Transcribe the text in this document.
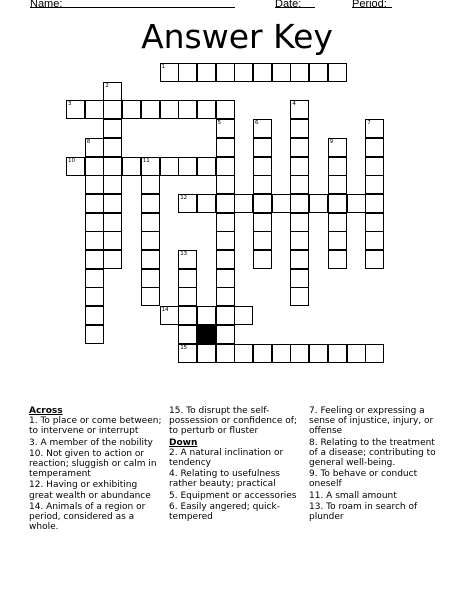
Name:	Date:	Period:
Answer Key
1
2
3	4
5	6	7
8	9
10	11
12
13
14
15
Across
1. To place or come between; to intervene or interrupt
3. A member of the nobility
10. Not given to action or reaction; sluggish or calm in temperament
12. Having or exhibiting great wealth or abundance
14. Animals of a region or period, considered as a whole.
15. To disrupt the self-possession or confidence of; to perturb or fluster
Down
2. A natural inclination or tendency
4. Relating to usefulness rather beauty; practical
5. Equipment or accessories
6. Easily angered; quick-tempered
7. Feeling or expressing a sense of injustice, injury, or offense
8. Relating to the treatment of a disease; contributing to general well-being.
9. To behave or conduct oneself
11. A small amount
13. To roam in search of plunder
